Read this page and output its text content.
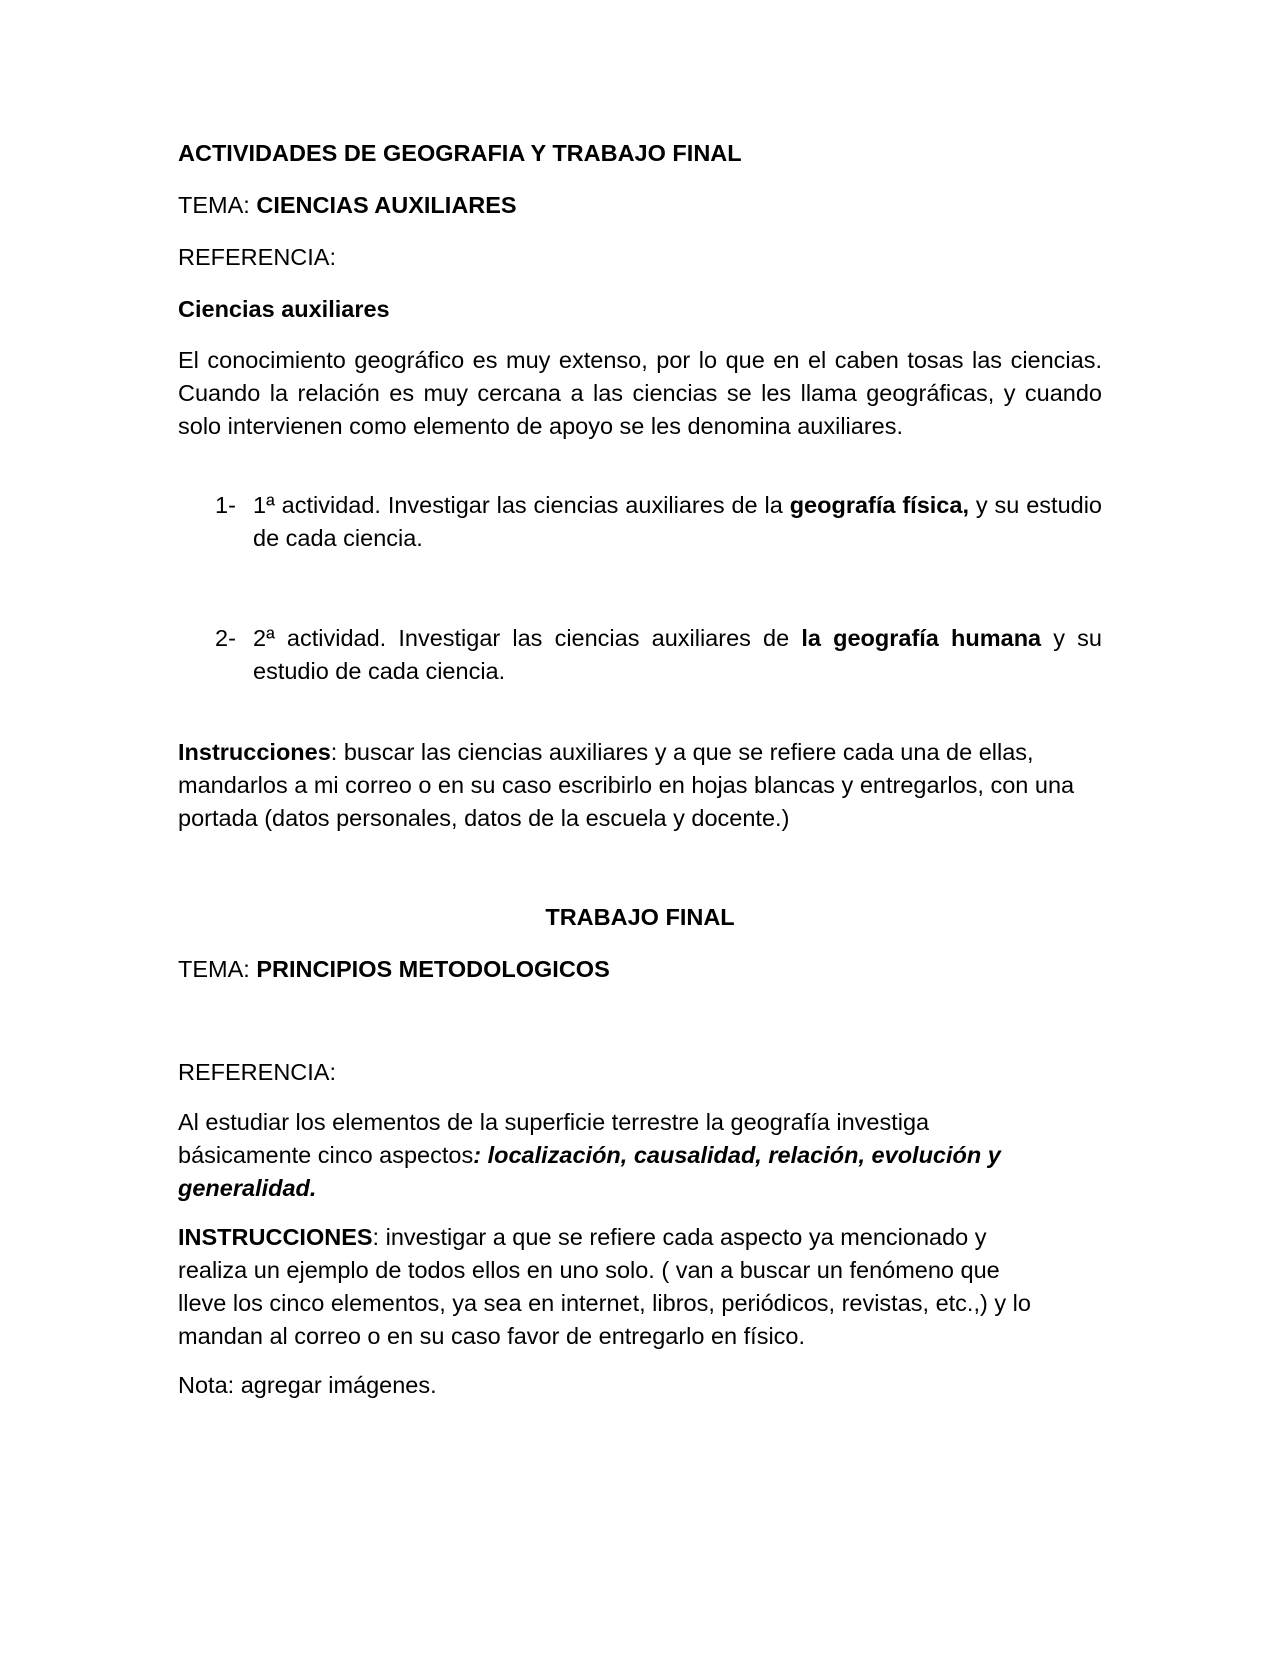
ACTIVIDADES DE GEOGRAFIA Y TRABAJO FINAL
TEMA: CIENCIAS AUXILIARES
REFERENCIA:
Ciencias auxiliares
El conocimiento geográfico es muy extenso, por lo que en el caben tosas las ciencias. Cuando la relación es muy cercana a las ciencias se les llama geográficas, y cuando solo intervienen como elemento de apoyo se les denomina auxiliares.
1- 1ª actividad. Investigar las ciencias auxiliares de la geografía física, y su estudio de cada ciencia.
2- 2ª actividad. Investigar las ciencias auxiliares de la geografía humana y su estudio de cada ciencia.
Instrucciones: buscar las ciencias auxiliares y a que se refiere cada una de ellas, mandarlos a mi correo o en su caso escribirlo en hojas blancas y entregarlos, con una portada (datos personales, datos de la escuela y docente.)
TRABAJO FINAL
TEMA: PRINCIPIOS METODOLOGICOS
REFERENCIA:
Al estudiar los elementos de la superficie terrestre la geografía investiga básicamente cinco aspectos: localización, causalidad, relación, evolución y generalidad.
INSTRUCCIONES: investigar a que se refiere cada aspecto ya mencionado y realiza un ejemplo de todos ellos en uno solo. ( van a buscar un fenómeno que lleve los cinco elementos, ya sea en internet, libros, periódicos, revistas, etc.,) y lo mandan al correo o en su caso favor de entregarlo en físico.
Nota: agregar imágenes.
